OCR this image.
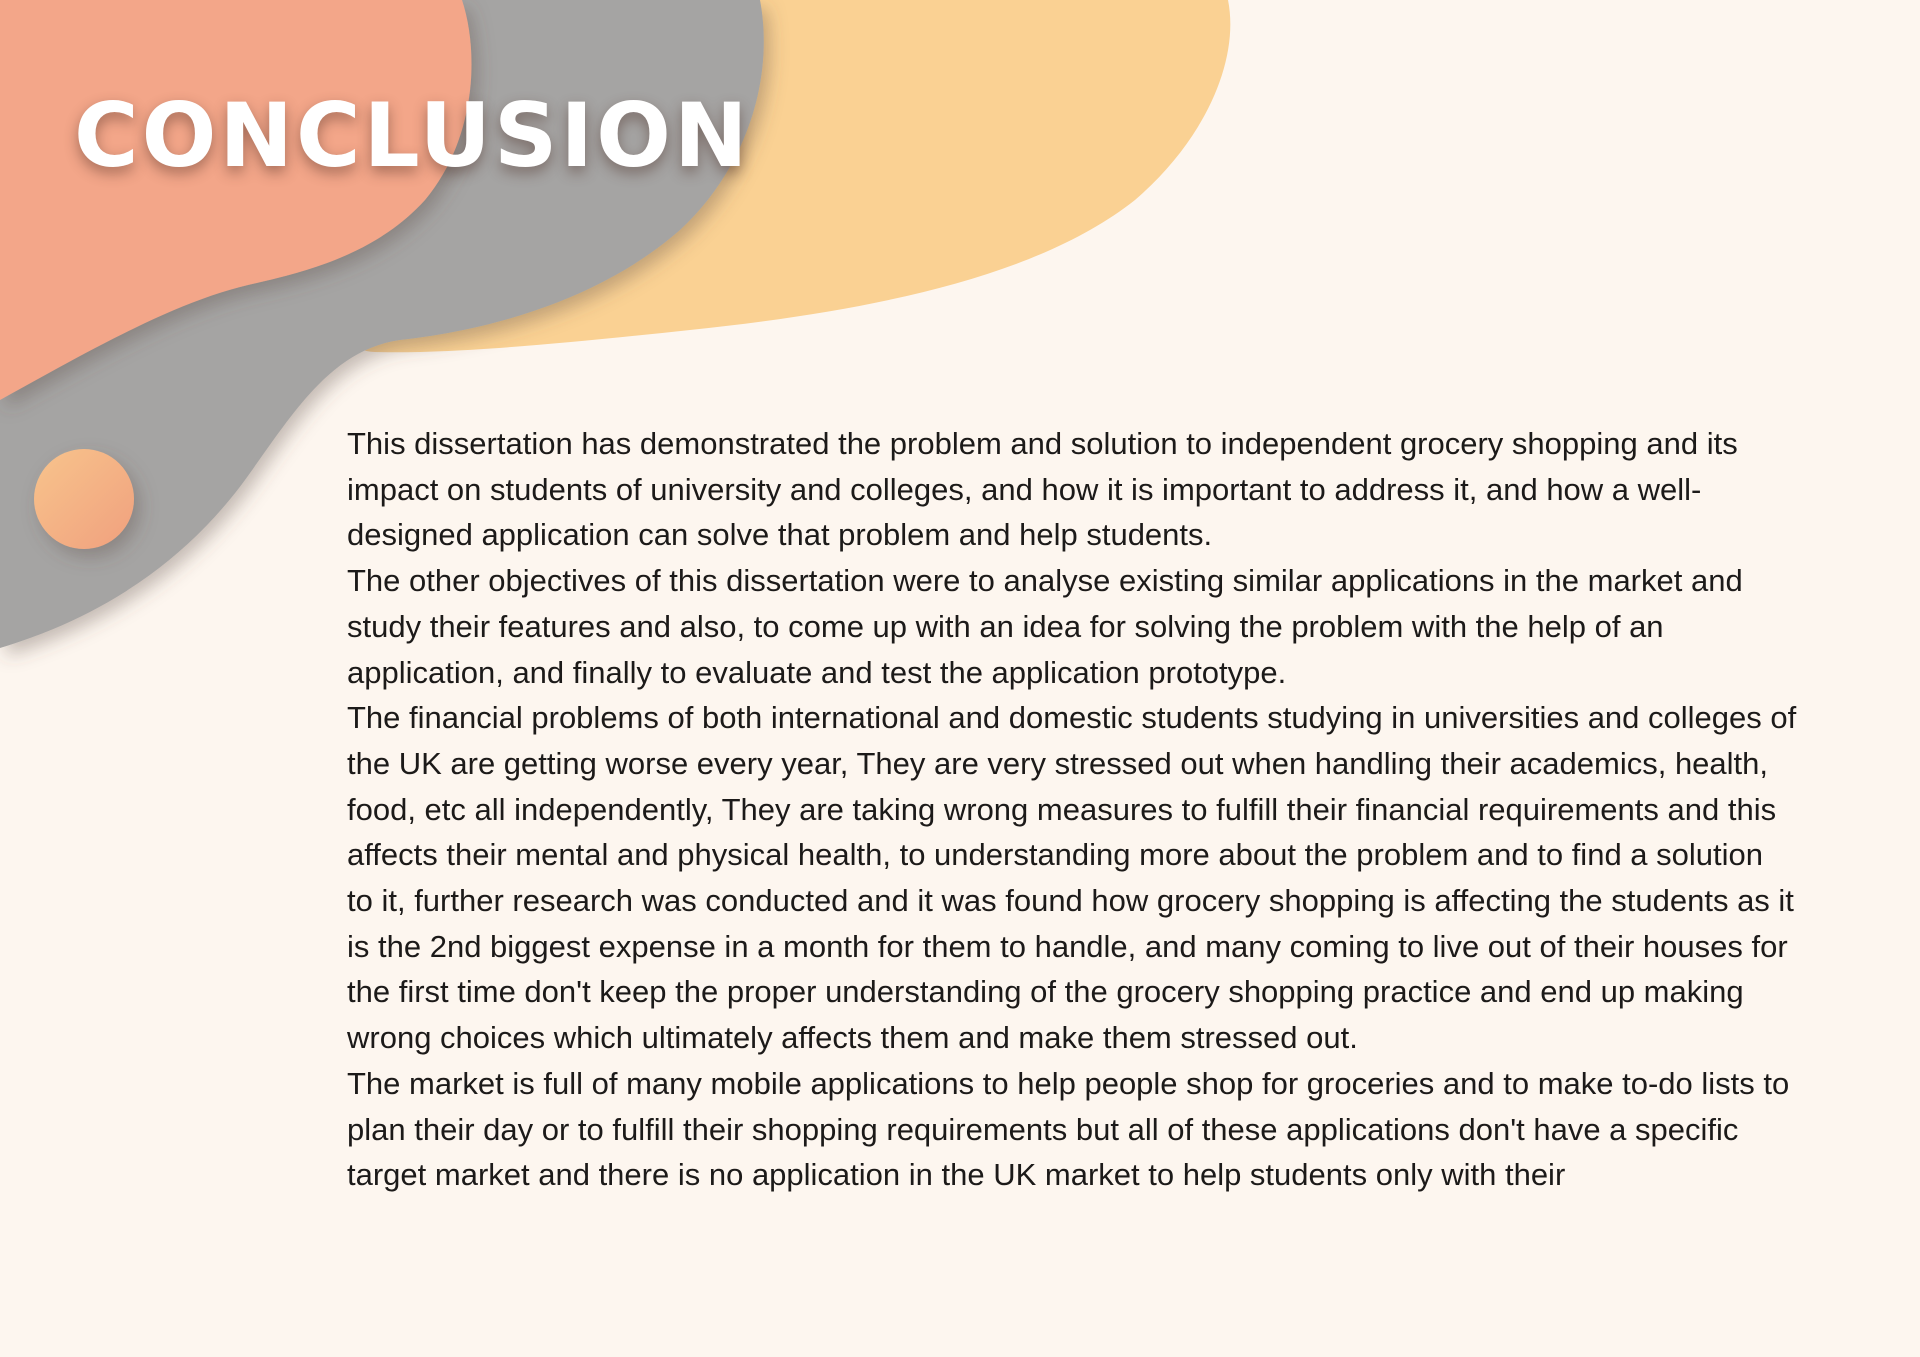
CONCLUSION

This dissertation has demonstrated the problem and solution to independent grocery shopping and its impact on students of university and colleges, and how it is important to address it, and how a well-designed application can solve that problem and help students.

The other objectives of this dissertation were to analyse existing similar applications in the market and study their features and also, to come up with an idea for solving the problem with the help of an application, and finally to evaluate and test the application prototype.

The financial problems of both international and domestic students studying in universities and colleges of the UK are getting worse every year, They are very stressed out when handling their academics, health, food, etc all independently, They are taking wrong measures to fulfill their financial requirements and this affects their mental and physical health, to understanding more about the problem and to find a solution to it, further research was conducted and it was found how grocery shopping is affecting the students as it is the 2nd biggest expense in a month for them to handle, and many coming to live out of their houses for the first time don't keep the proper understanding of the grocery shopping practice and end up making wrong choices which ultimately affects them and make them stressed out.

The market is full of many mobile applications to help people shop for groceries and to make to-do lists to plan their day or to fulfill their shopping requirements but all of these applications don't have a specific target market and there is no application in the UK market to help students only with their
